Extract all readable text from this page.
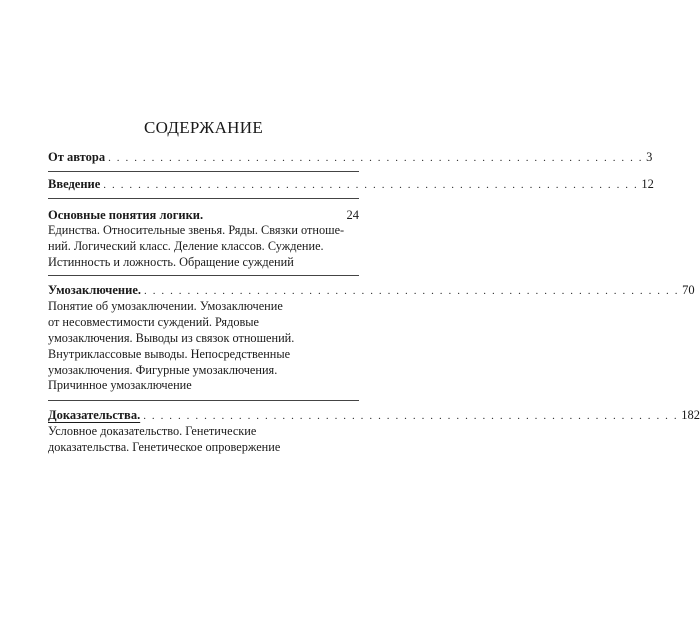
СОДЕРЖАНИЕ
От автора . . . . . . . . . . . . . . . . . . . . . . . . . . . . . . . . . . . . . . . . . . . . . . . . . . . . . . . . . . . . . . 3
Введение . . . . . . . . . . . . . . . . . . . . . . . . . . . . . . . . . . . . . . . . . . . . . . . . . . . . . . . . . . . . . . 12
Основные понятия логики.	24

Единства. Относительные звенья. Ряды. Связки отноше-
ний. Логический класс. Деление классов. Суждение.
Истинность и ложность. Обращение суждений

Умозаключение. . . . . . . . . . . . . . . . . . . . . . . . . . . . . . . . . . . . . . . . . . . . . . . . . . . . . . . . . . . . . . . 70

Понятие об умозаключении. Умозаключение
от несовместимости суждений. Рядовые
умозаключения. Выводы из связок отношений.
Внутриклассовые выводы. Непосредственные
умозаключения. Фигурные умозаключения.
Причинное умозаключение

Доказательства. . . . . . . . . . . . . . . . . . . . . . . . . . . . . . . . . . . . . . . . . . . . . . . . . . . . . . . . . . . . . . . 182

Условное доказательство. Генетические
доказательства. Генетическое опровержение
